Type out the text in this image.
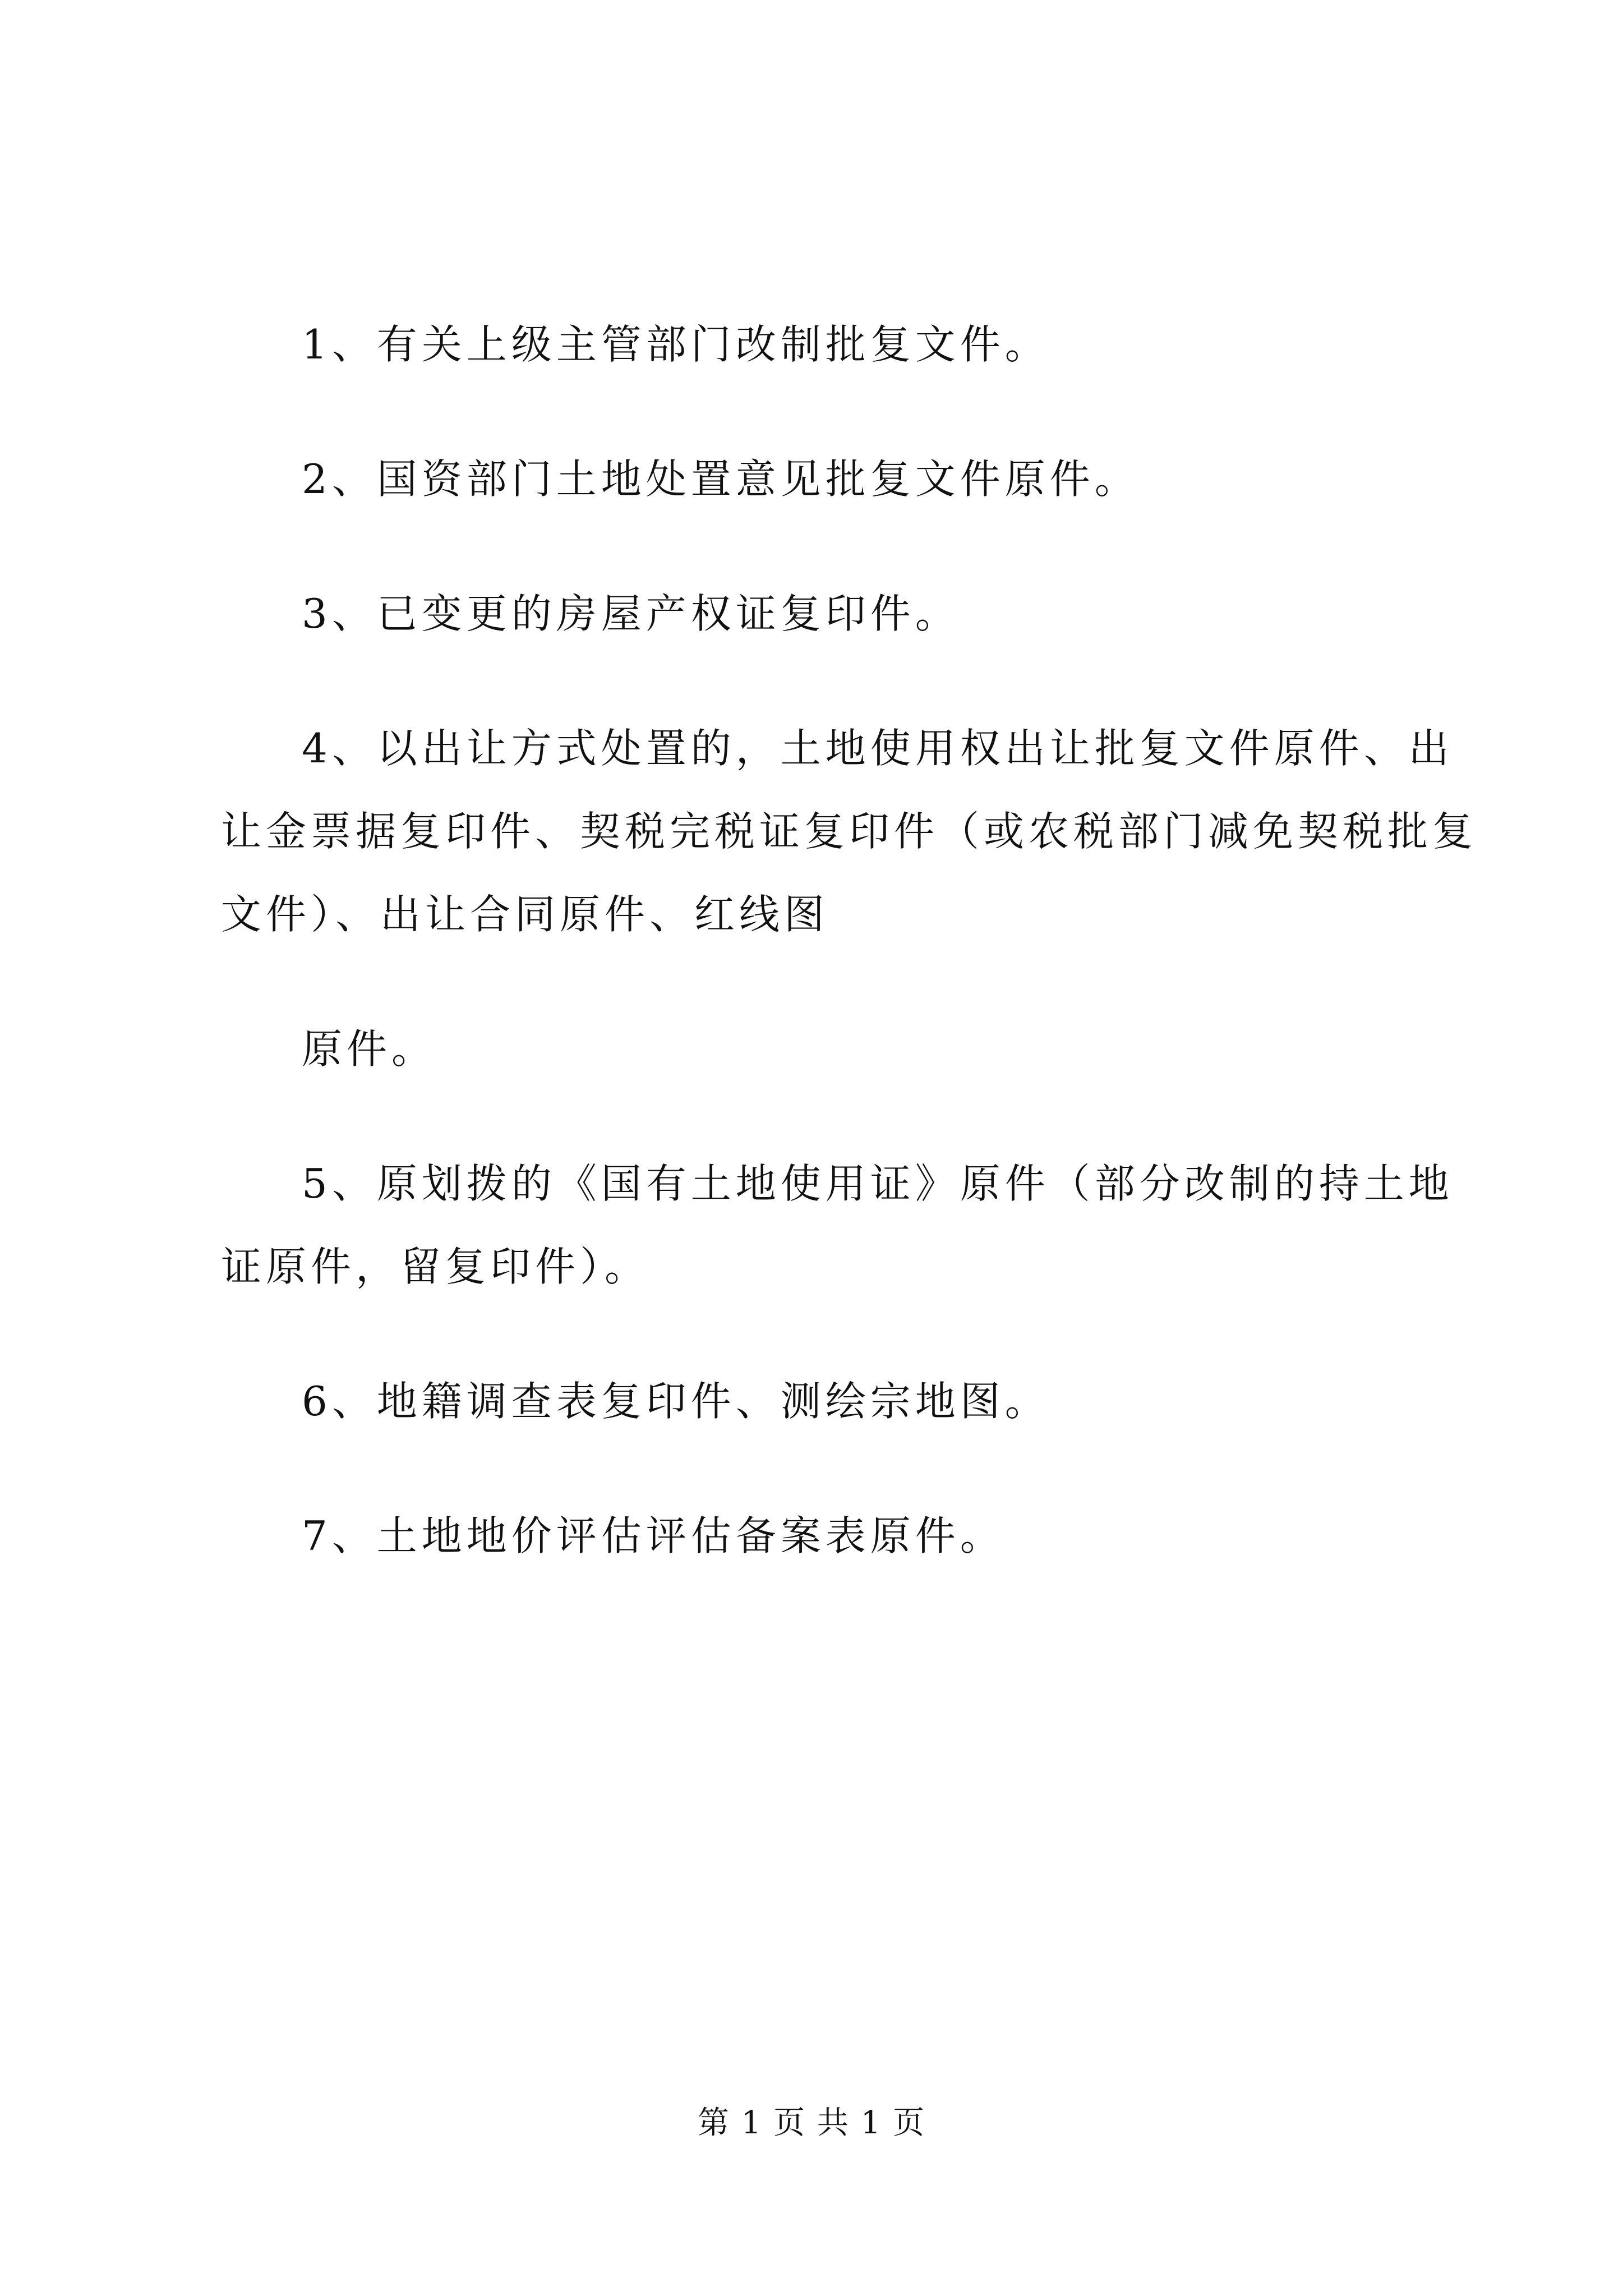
1、有关上级主管部门改制批复文件。
2、国资部门土地处置意见批复文件原件。
3、已变更的房屋产权证复印件。
4、以出让方式处置的，土地使用权出让批复文件原件、出
让金票据复印件、契税完税证复印件（或农税部门减免契税批复
文件）、出让合同原件、红线图
原件。
5、原划拨的《国有土地使用证》原件（部分改制的持土地
证原件，留复印件）。
6、地籍调查表复印件、测绘宗地图。
7、土地地价评估评估备案表原件。
第 1 页 共 1 页
